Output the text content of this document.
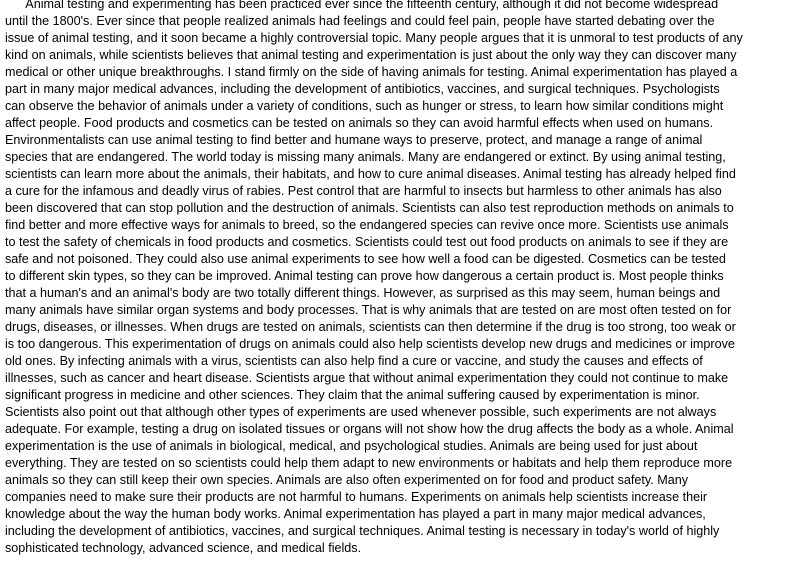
Animal testing and experimenting has been practiced ever since the fifteenth century, although it did not become widespread
until the 1800's. Ever since that people realized animals had feelings and could feel pain, people have started debating over the
issue of animal testing, and it soon became a highly controversial topic. Many people argues that it is unmoral to test products of any
kind on animals, while scientists believes that animal testing and experimentation is just about the only way they can discover many
medical or other unique breakthroughs. I stand firmly on the side of having animals for testing. Animal experimentation has played a
part in many major medical advances, including the development of antibiotics, vaccines, and surgical techniques. Psychologists
can observe the behavior of animals under a variety of conditions, such as hunger or stress, to learn how similar conditions might
affect people. Food products and cosmetics can be tested on animals so they can avoid harmful effects when used on humans.
Environmentalists can use animal testing to find better and humane ways to preserve, protect, and manage a range of animal
species that are endangered. The world today is missing many animals. Many are endangered or extinct. By using animal testing,
scientists can learn more about the animals, their habitats, and how to cure animal diseases. Animal testing has already helped find
a cure for the infamous and deadly virus of rabies. Pest control that are harmful to insects but harmless to other animals has also
been discovered that can stop pollution and the destruction of animals. Scientists can also test reproduction methods on animals to
find better and more effective ways for animals to breed, so the endangered species can revive once more. Scientists use animals
to test the safety of chemicals in food products and cosmetics. Scientists could test out food products on animals to see if they are
safe and not poisoned. They could also use animal experiments to see how well a food can be digested. Cosmetics can be tested
to different skin types, so they can be improved. Animal testing can prove how dangerous a certain product is. Most people thinks
that a human's and an animal's body are two totally different things. However, as surprised as this may seem, human beings and
many animals have similar organ systems and body processes. That is why animals that are tested on are most often tested on for
drugs, diseases, or illnesses. When drugs are tested on animals, scientists can then determine if the drug is too strong, too weak or
is too dangerous. This experimentation of drugs on animals could also help scientists develop new drugs and medicines or improve
old ones. By infecting animals with a virus, scientists can also help find a cure or vaccine, and study the causes and effects of
illnesses, such as cancer and heart disease. Scientists argue that without animal experimentation they could not continue to make
significant progress in medicine and other sciences. They claim that the animal suffering caused by experimentation is minor.
Scientists also point out that although other types of experiments are used whenever possible, such experiments are not always
adequate. For example, testing a drug on isolated tissues or organs will not show how the drug affects the body as a whole. Animal
experimentation is the use of animals in biological, medical, and psychological studies. Animals are being used for just about
everything. They are tested on so scientists could help them adapt to new environments or habitats and help them reproduce more
animals so they can still keep their own species. Animals are also often experimented on for food and product safety. Many
companies need to make sure their products are not harmful to humans. Experiments on animals help scientists increase their
knowledge about the way the human body works. Animal experimentation has played a part in many major medical advances,
including the development of antibiotics, vaccines, and surgical techniques. Animal testing is necessary in today's world of highly
sophisticated technology, advanced science, and medical fields.
